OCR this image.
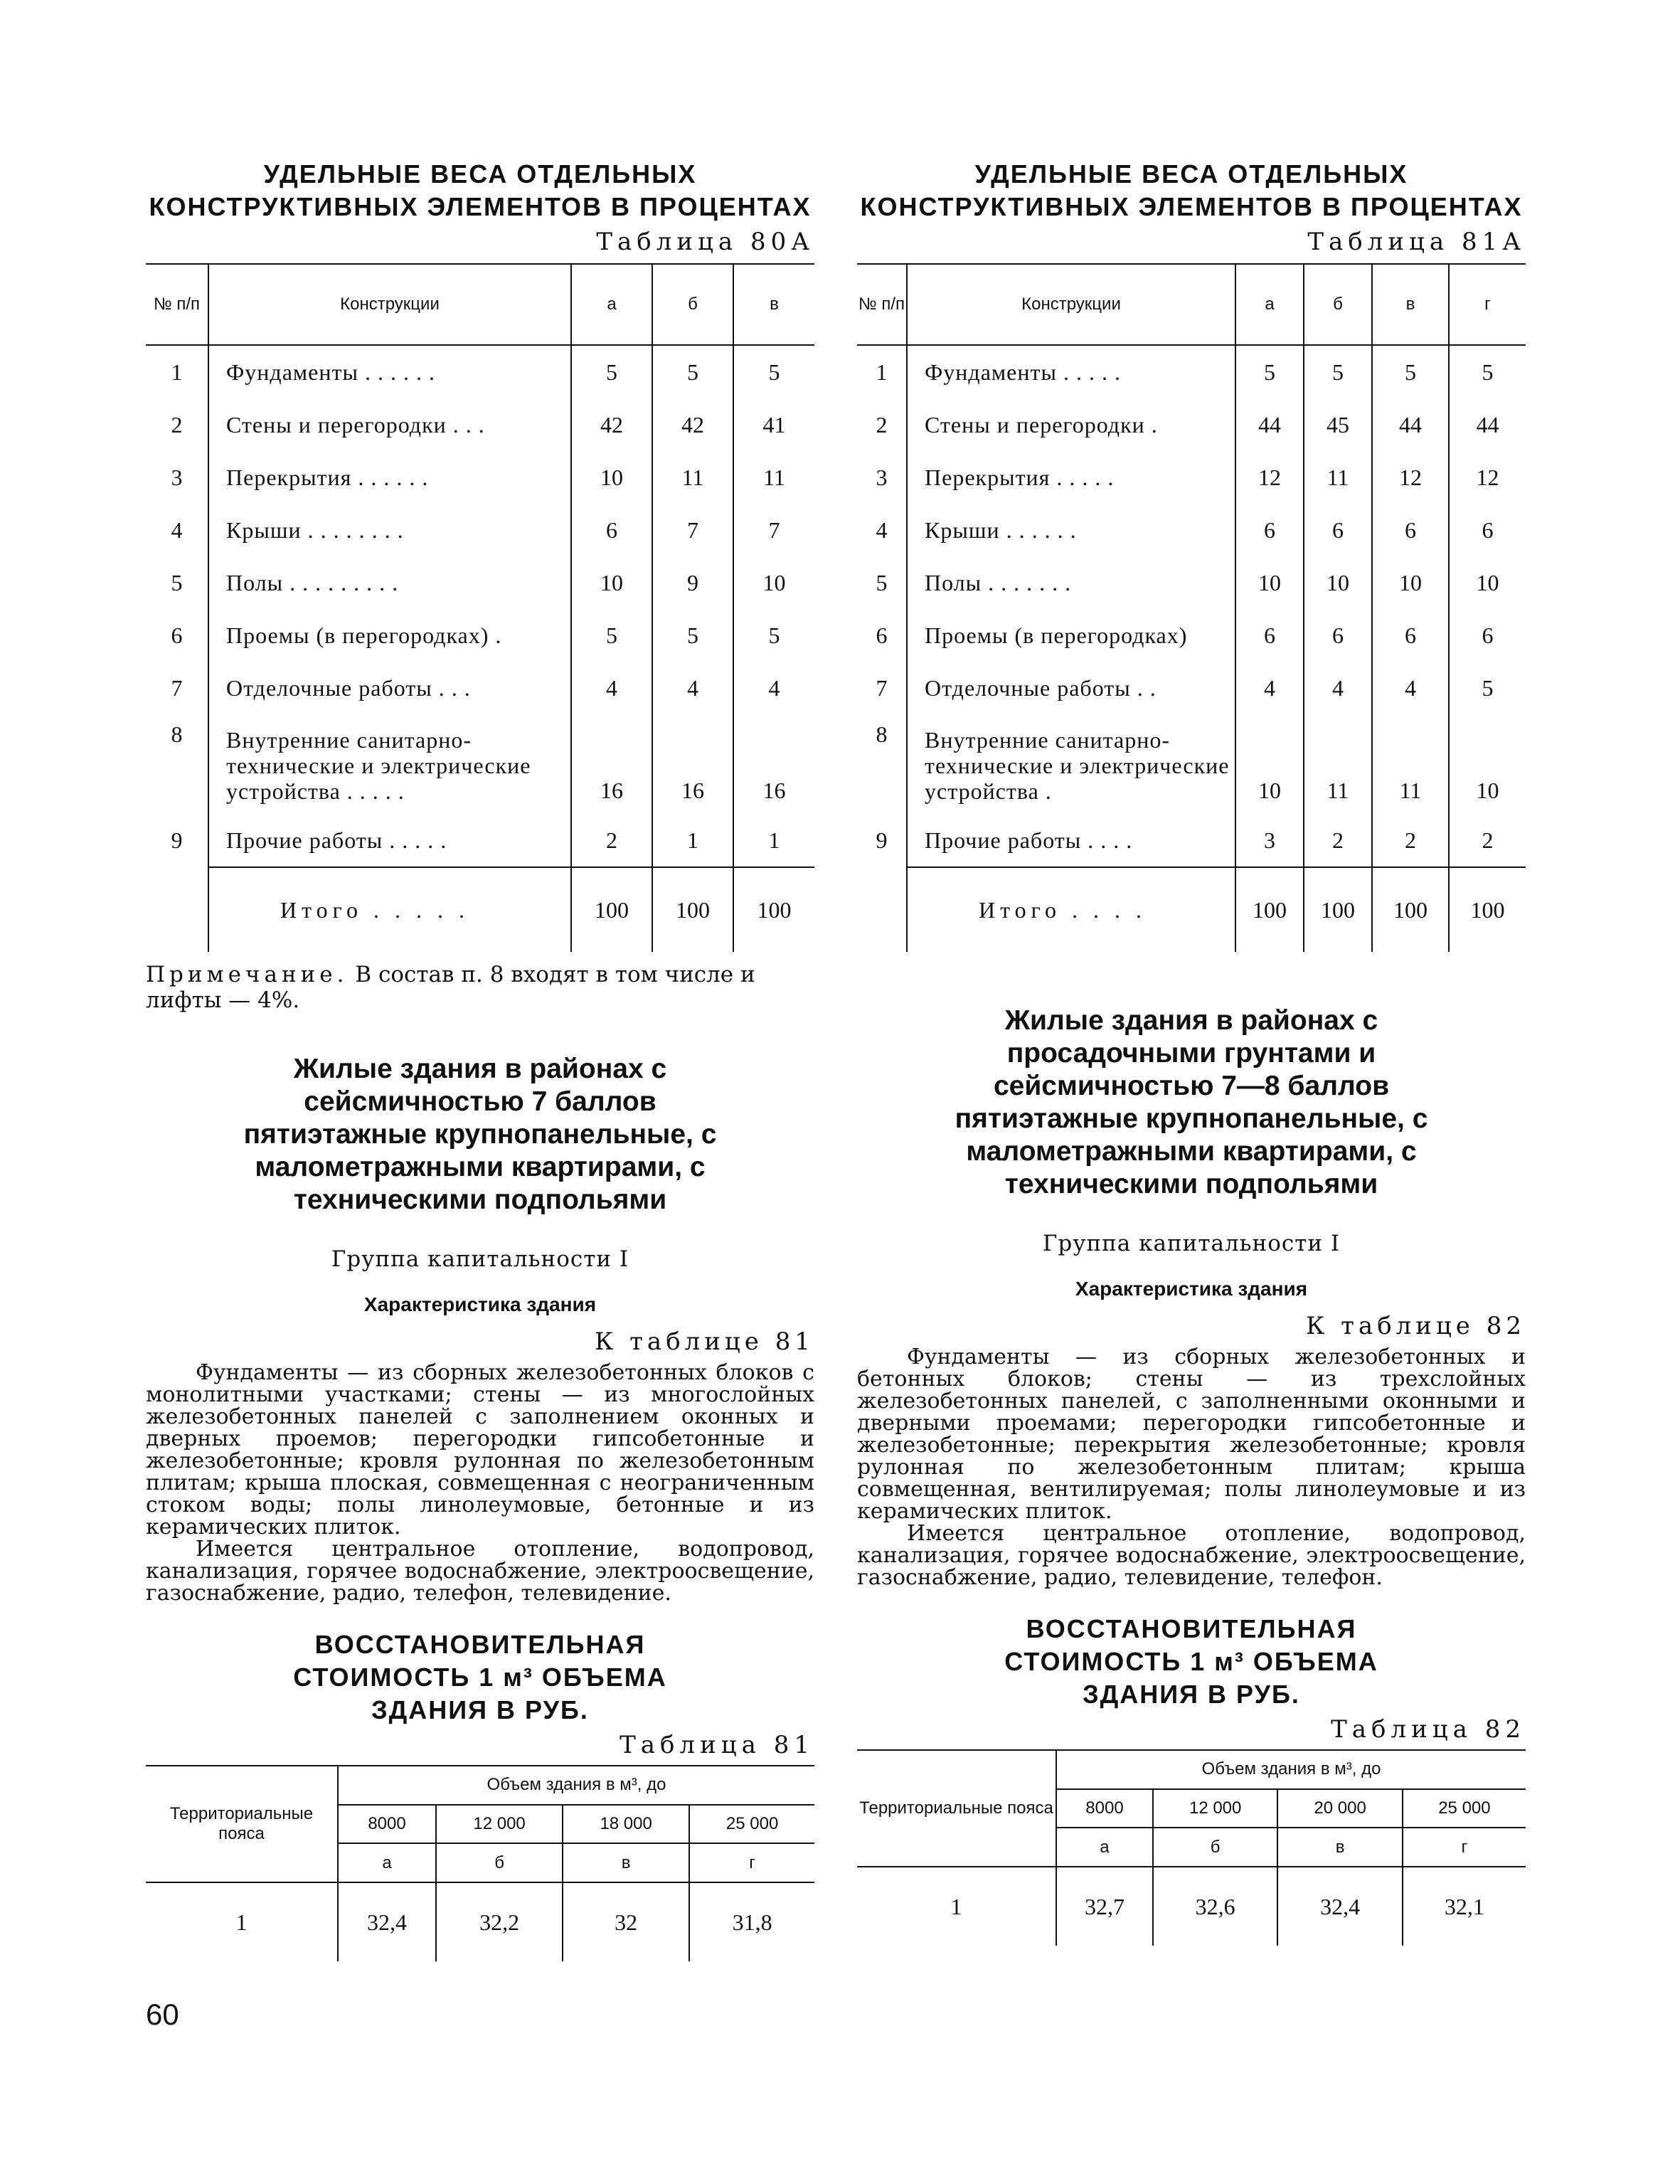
УДЕЛЬНЫЕ ВЕСА ОТДЕЛЬНЫХ КОНСТРУКТИВНЫХ ЭЛЕМЕНТОВ В ПРОЦЕНТАХ
Таблица 80А
№ п/п	Конструкции	а	б	в
1	Фундаменты . . . . . .	5	5	5
2	Стены и перегородки . . .	42	42	41
3	Перекрытия . . . . . .	10	11	11
4	Крыши . . . . . . . .	6	7	7
5	Полы . . . . . . . . .	10	9	10
6	Проемы (в перегородках) .	5	5	5
7	Отделочные работы . . .	4	4	4
8	Внутренние санитарно-технические и электрические устройства . . . . .	16	16	16
9	Прочие работы . . . . .	2	1	1
	Итого . . . . .	100	100	100
Примечание. В состав п. 8 входят в том числе и лифты — 4%.
Жилые здания в районах с сейсмичностью 7 баллов пятиэтажные крупнопанельные, с малометражными квартирами, с техническими подпольями
Группа капитальности I
Характеристика здания
К таблице 81

Фундаменты — из сборных железобетонных блоков с монолитными участками; стены — из многослойных железобетонных панелей с заполнением оконных и дверных проемов; перегородки гипсобетонные и железобетонные; кровля рулонная по железобетонным плитам; крыша плоская, совмещенная с неограниченным стоком воды; полы линолеумовые, бетонные и из керамических плиток.

Имеется центральное отопление, водопровод, канализация, горячее водоснабжение, электроосвещение, газоснабжение, радио, телефон, телевидение.

ВОССТАНОВИТЕЛЬНАЯ СТОИМОСТЬ 1 м³ ОБЪЕМА ЗДАНИЯ В РУБ.
Таблица 81
Территориальные пояса	Объем здания в м³, до			
	8000	12 000	18 000	25 000
	а	б	в	г
1	32,4	32,2	32	31,8
УДЕЛЬНЫЕ ВЕСА ОТДЕЛЬНЫХ КОНСТРУКТИВНЫХ ЭЛЕМЕНТОВ В ПРОЦЕНТАХ
Таблица 81А
№ п/п	Конструкции	а	б	в	г
1	Фундаменты . . . . .	5	5	5	5
2	Стены и перегородки .	44	45	44	44
3	Перекрытия . . . . .	12	11	12	12
4	Крыши . . . . . .	6	6	6	6
5	Полы . . . . . . .	10	10	10	10
6	Проемы (в перегородках)	6	6	6	6
7	Отделочные работы . .	4	4	4	5
8	Внутренние санитарно-технические и электрические устройства .	10	11	11	10
9	Прочие работы . . . .	3	2	2	2
	Итого . . . .	100	100	100	100
Жилые здания в районах с просадочными грунтами и сейсмичностью 7—8 баллов пятиэтажные крупнопанельные, с малометражными квартирами, с техническими подпольями
Группа капитальности I
Характеристика здания
К таблице 82

Фундаменты — из сборных железобетонных и бетонных блоков; стены — из трехслойных железобетонных панелей, с заполненными оконными и дверными проемами; перегородки гипсобетонные и железобетонные; перекрытия железобетонные; кровля рулонная по железобетонным плитам; крыша совмещенная, вентилируемая; полы линолеумовые и из керамических плиток.

Имеется центральное отопление, водопровод, канализация, горячее водоснабжение, электроосвещение, газоснабжение, радио, телевидение, телефон.

ВОССТАНОВИТЕЛЬНАЯ СТОИМОСТЬ 1 м³ ОБЪЕМА ЗДАНИЯ В РУБ.
Таблица 82
Территориальные пояса	Объем здания в м³, до			
	8000	12 000	20 000	25 000
	а	б	в	г
1	32,7	32,6	32,4	32,1
60
